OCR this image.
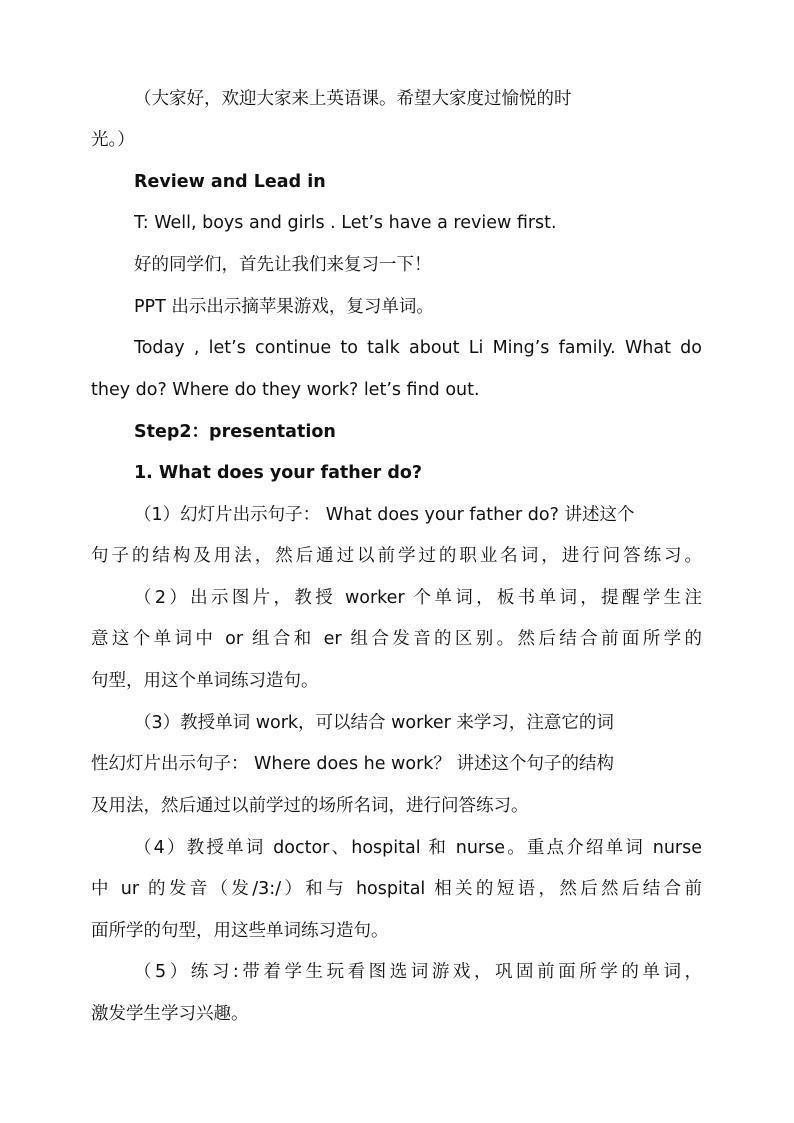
（大家好，欢迎大家来上英语课。希望大家度过愉悦的时
光。）
Review and Lead in
T: Well, boys and girls . Let’s have a review first.
好的同学们，首先让我们来复习一下！
PPT 出示出示摘苹果游戏，复习单词。
Today , let’s continue to talk about Li Ming’s family. What do
they do? Where do they work? let’s find out.
Step2：presentation
1. What does your father do?
（1）幻灯片出示句子： What does your father do? 讲述这个
句子的结构及用法，然后通过以前学过的职业名词，进行问答练习。
（2）出示图片，教授 worker 个单词，板书单词，提醒学生注
意这个单词中 or 组合和 er 组合发音的区别。然后结合前面所学的
句型，用这个单词练习造句。
（3）教授单词 work，可以结合 worker 来学习，注意它的词
性幻灯片出示句子： Where does he work？ 讲述这个句子的结构
及用法，然后通过以前学过的场所名词，进行问答练习。
（4）教授单词 doctor、hospital 和 nurse。重点介绍单词 nurse
中 ur 的发音（发/3:/）和与 hospital 相关的短语，然后然后结合前
面所学的句型，用这些单词练习造句。
（5）练习:带着学生玩看图选词游戏，巩固前面所学的单词，
激发学生学习兴趣。
